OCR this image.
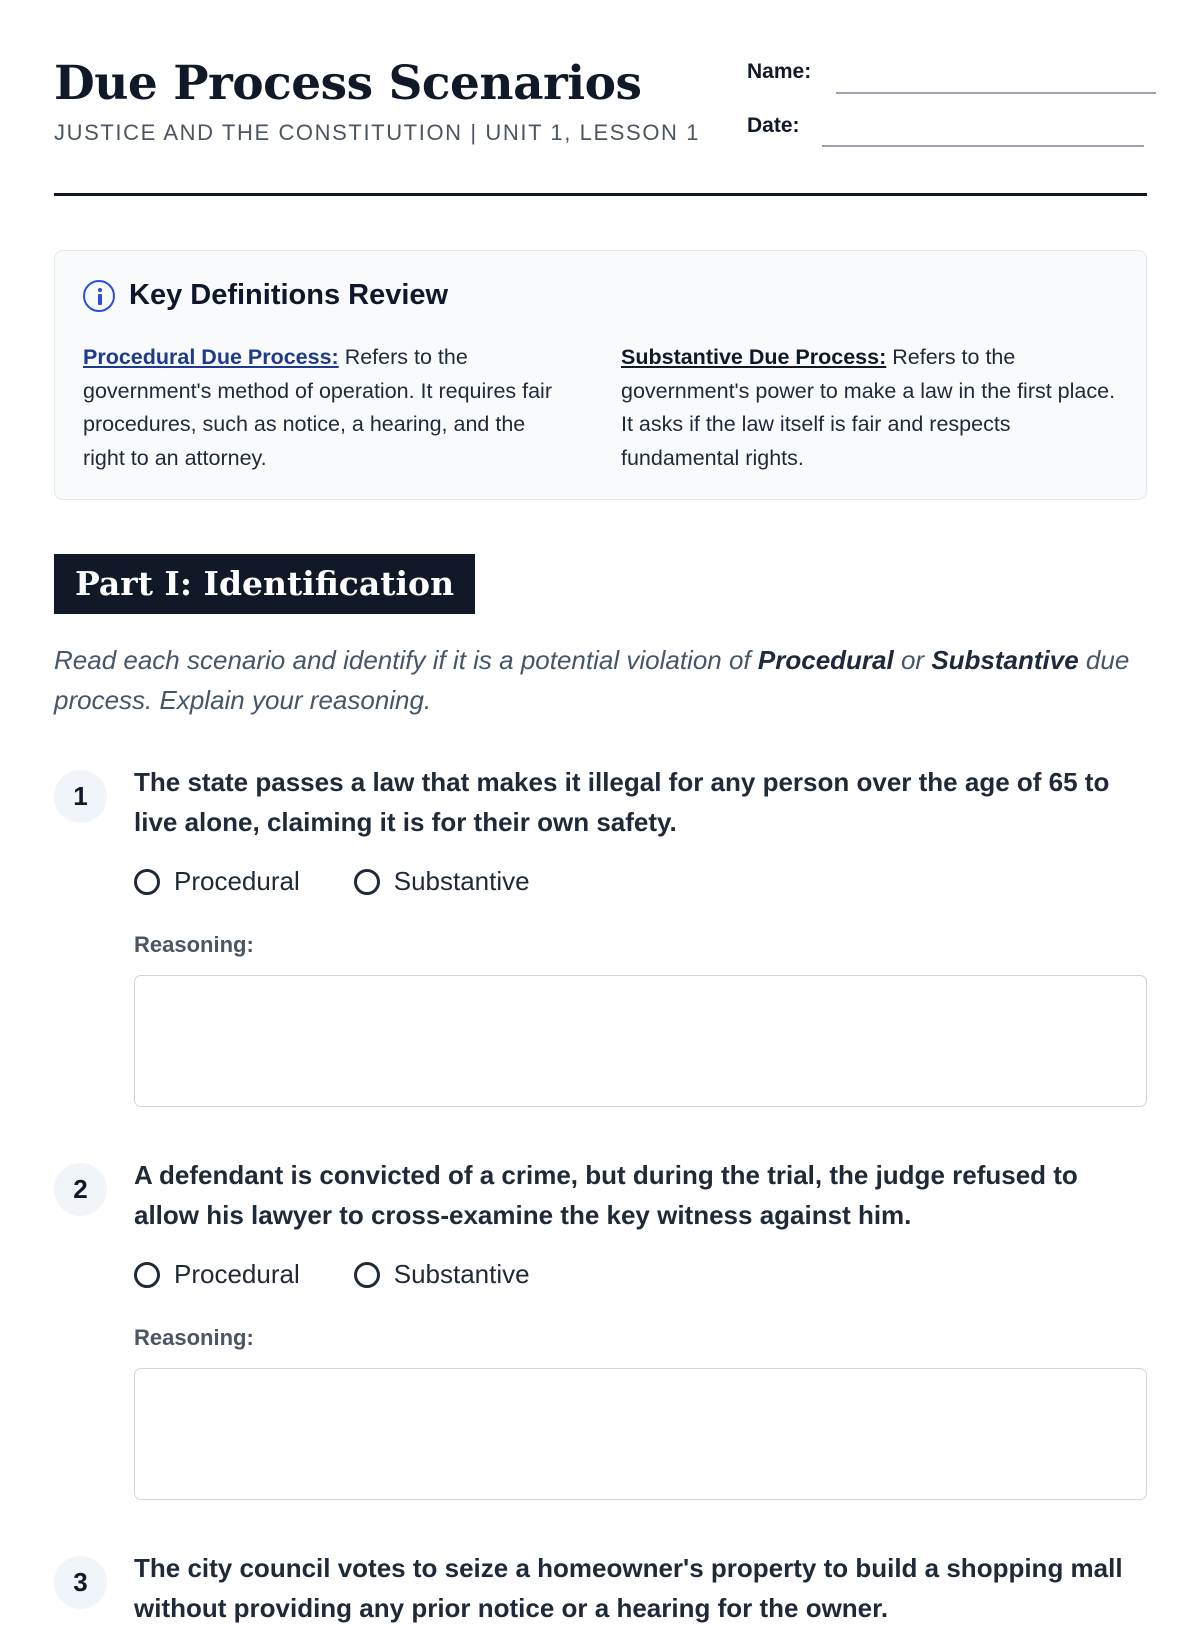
Due Process Scenarios
JUSTICE AND THE CONSTITUTION | UNIT 1, LESSON 1
Name:
Date:
Key Definitions Review
Procedural Due Process: Refers to the government's method of operation. It requires fair procedures, such as notice, a hearing, and the right to an attorney.
Substantive Due Process: Refers to the government's power to make a law in the first place. It asks if the law itself is fair and respects fundamental rights.
Part I: Identification
Read each scenario and identify if it is a potential violation of Procedural or Substantive due process. Explain your reasoning.
1	The state passes a law that makes it illegal for any person over the age of 65 to live alone, claiming it is for their own safety.
Procedural	Substantive
Reasoning:
2	A defendant is convicted of a crime, but during the trial, the judge refused to allow his lawyer to cross-examine the key witness against him.
Procedural	Substantive
Reasoning:
3	The city council votes to seize a homeowner's property to build a shopping mall without providing any prior notice or a hearing for the owner.
